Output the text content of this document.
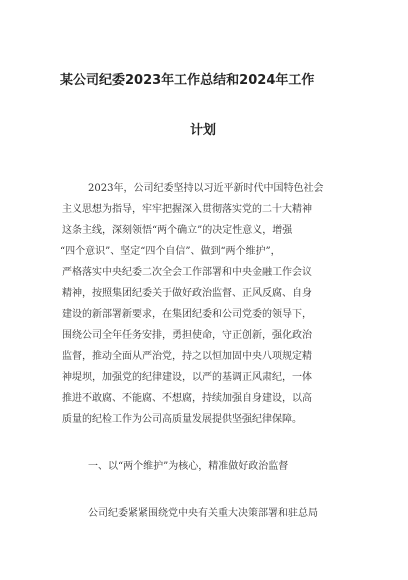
某公司纪委2023年工作总结和2024年工作
计划
2023年，公司纪委坚持以习近平新时代中国特色社会
主义思想为指导，牢牢把握深入贯彻落实党的二十大精神
这条主线，深刻领悟“两个确立”的决定性意义，增强
“四个意识”、坚定“四个自信”、做到“两个维护”，
严格落实中央纪委二次全会工作部署和中央金融工作会议
精神，按照集团纪委关于做好政治监督、正风反腐、自身
建设的新部署新要求，在集团纪委和公司党委的领导下，
围绕公司全年任务安排，勇担使命，守正创新，强化政治
监督，推动全面从严治党，持之以恒加固中央八项规定精
神堤坝，加强党的纪律建设，以严的基调正风肃纪，一体
推进不敢腐、不能腐、不想腐，持续加强自身建设，以高
质量的纪检工作为公司高质量发展提供坚强纪律保障。
一、以“两个维护”为核心，精准做好政治监督
公司纪委紧紧围绕党中央有关重大决策部署和驻总局
